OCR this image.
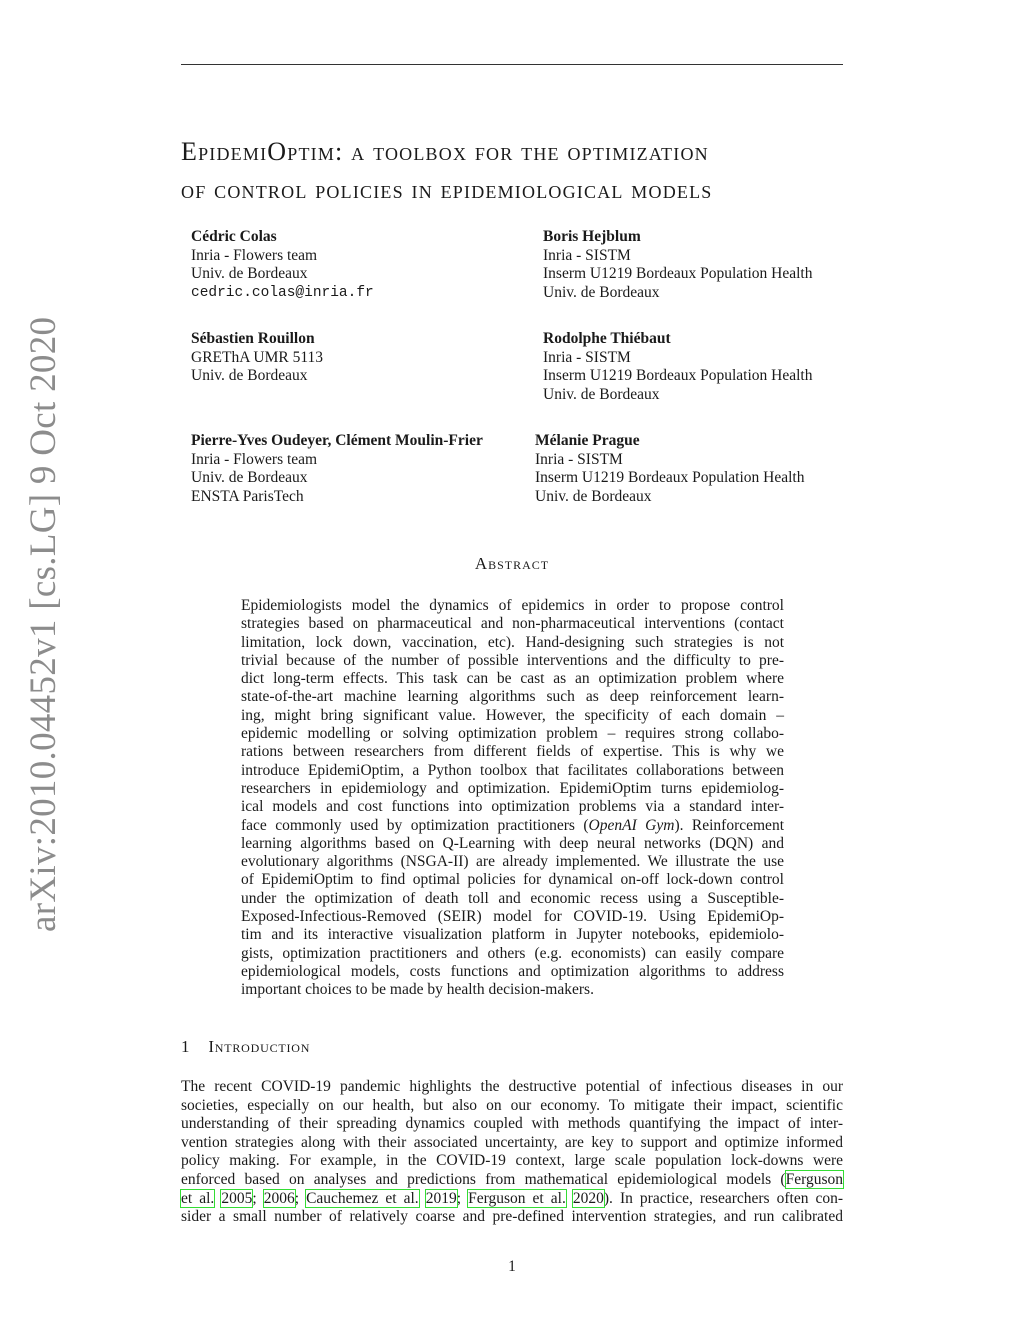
arXiv:2010.04452v1 [cs.LG] 9 Oct 2020
EpidemiOptim: a toolbox for the optimization
of control policies in epidemiological models
Cédric Colas
Inria - Flowers team
Univ. de Bordeaux
cedric.colas@inria.fr
Boris Hejblum
Inria - SISTM
Inserm U1219 Bordeaux Population Health
Univ. de Bordeaux
Sébastien Rouillon
GREThA UMR 5113
Univ. de Bordeaux
Rodolphe Thiébaut
Inria - SISTM
Inserm U1219 Bordeaux Population Health
Univ. de Bordeaux
Pierre-Yves Oudeyer, Clément Moulin-Frier
Inria - Flowers team
Univ. de Bordeaux
ENSTA ParisTech
Mélanie Prague
Inria - SISTM
Inserm U1219 Bordeaux Population Health
Univ. de Bordeaux
Abstract
Epidemiologists model the dynamics of epidemics in order to propose control
strategies based on pharmaceutical and non-pharmaceutical interventions (contact
limitation, lock down, vaccination, etc). Hand-designing such strategies is not
trivial because of the number of possible interventions and the difficulty to pre-
dict long-term effects. This task can be cast as an optimization problem where
state-of-the-art machine learning algorithms such as deep reinforcement learn-
ing, might bring significant value. However, the specificity of each domain –
epidemic modelling or solving optimization problem – requires strong collabo-
rations between researchers from different fields of expertise. This is why we
introduce EpidemiOptim, a Python toolbox that facilitates collaborations between
researchers in epidemiology and optimization. EpidemiOptim turns epidemiolog-
ical models and cost functions into optimization problems via a standard inter-
face commonly used by optimization practitioners (OpenAI Gym). Reinforcement
learning algorithms based on Q-Learning with deep neural networks (DQN) and
evolutionary algorithms (NSGA-II) are already implemented. We illustrate the use
of EpidemiOptim to find optimal policies for dynamical on-off lock-down control
under the optimization of death toll and economic recess using a Susceptible-
Exposed-Infectious-Removed (SEIR) model for COVID-19. Using EpidemiOp-
tim and its interactive visualization platform in Jupyter notebooks, epidemiolo-
gists, optimization practitioners and others (e.g. economists) can easily compare
epidemiological models, costs functions and optimization algorithms to address
important choices to be made by health decision-makers.
1 Introduction
The recent COVID-19 pandemic highlights the destructive potential of infectious diseases in our
societies, especially on our health, but also on our economy. To mitigate their impact, scientific
understanding of their spreading dynamics coupled with methods quantifying the impact of inter-
vention strategies along with their associated uncertainty, are key to support and optimize informed
policy making. For example, in the COVID-19 context, large scale population lock-downs were
enforced based on analyses and predictions from mathematical epidemiological models (Ferguson
et al. 2005; 2006; Cauchemez et al. 2019; Ferguson et al. 2020). In practice, researchers often con-
sider a small number of relatively coarse and pre-defined intervention strategies, and run calibrated
1
